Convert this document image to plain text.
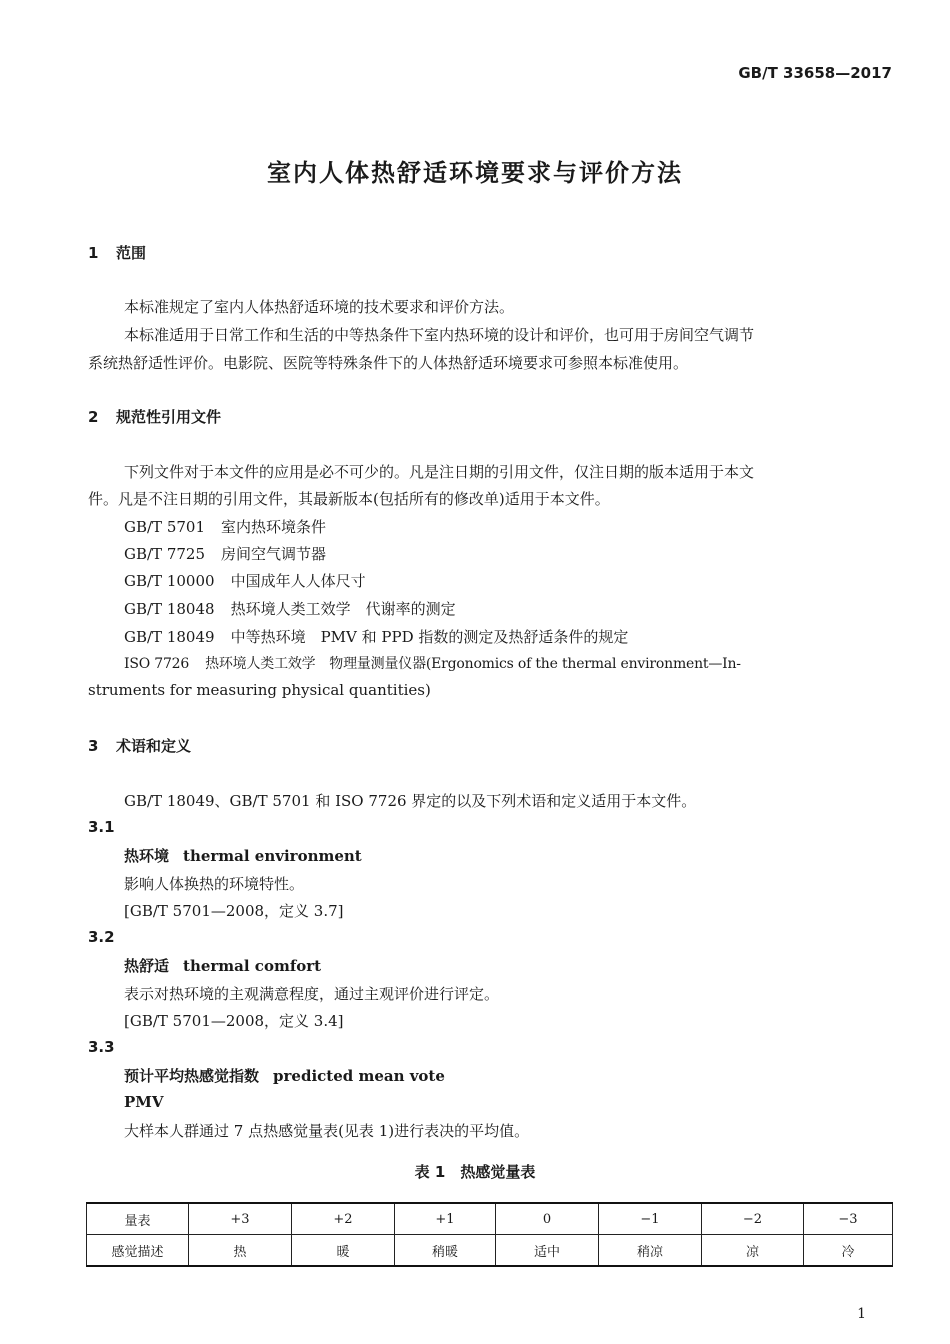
GB/T 33658—2017
室内人体热舒适环境要求与评价方法
1 范围
本标准规定了室内人体热舒适环境的技术要求和评价方法。
本标准适用于日常工作和生活的中等热条件下室内热环境的设计和评价，也可用于房间空气调节
系统热舒适性评价。电影院、医院等特殊条件下的人体热舒适环境要求可参照本标准使用。
2 规范性引用文件
下列文件对于本文件的应用是必不可少的。凡是注日期的引用文件，仅注日期的版本适用于本文
件。凡是不注日期的引用文件，其最新版本(包括所有的修改单)适用于本文件。
GB/T 5701 室内热环境条件
GB/T 7725 房间空气调节器
GB/T 10000 中国成年人人体尺寸
GB/T 18048 热环境人类工效学　代谢率的测定
GB/T 18049 中等热环境　PMV 和 PPD 指数的测定及热舒适条件的规定
ISO 7726 热环境人类工效学　物理量测量仪器(Ergonomics of the thermal environment—In-
struments for measuring physical quantities)
3 术语和定义
GB/T 18049、GB/T 5701 和 ISO 7726 界定的以及下列术语和定义适用于本文件。
3.1
热环境 thermal environment
影响人体换热的环境特性。
[GB/T 5701—2008，定义 3.7]
3.2
热舒适 thermal comfort
表示对热环境的主观满意程度，通过主观评价进行评定。
[GB/T 5701—2008，定义 3.4]
3.3
预计平均热感觉指数 predicted mean vote
PMV
大样本人群通过 7 点热感觉量表(见表 1)进行表决的平均值。
表 1　热感觉量表
量表	+3	+2	+1	0	−1	−2	−3
感觉描述	热	暖	稍暖	适中	稍凉	凉	冷
1
